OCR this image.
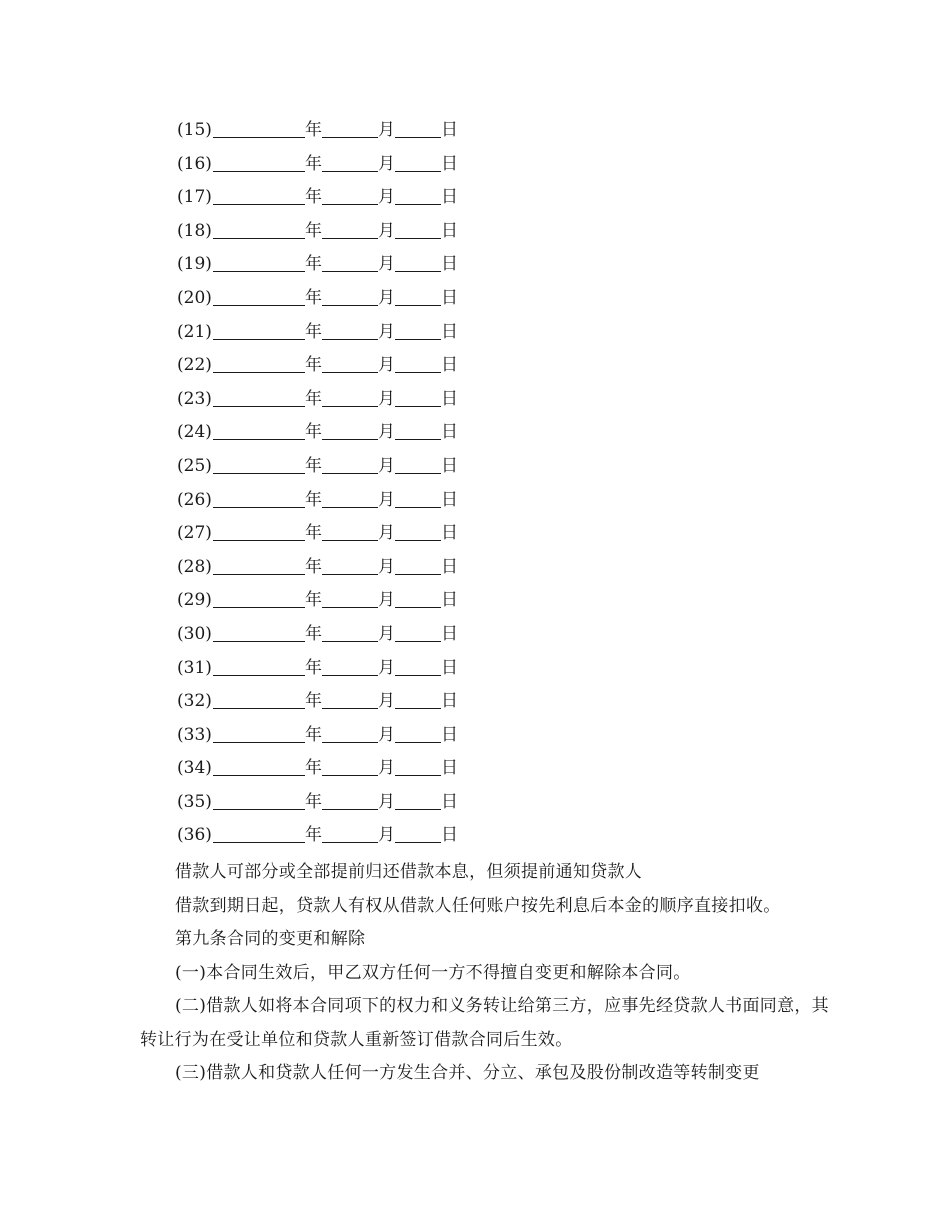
(15)	年	月	日
(16)	年	月	日
(17)	年	月	日
(18)	年	月	日
(19)	年	月	日
(20)	年	月	日
(21)	年	月	日
(22)	年	月	日
(23)	年	月	日
(24)	年	月	日
(25)	年	月	日
(26)	年	月	日
(27)	年	月	日
(28)	年	月	日
(29)	年	月	日
(30)	年	月	日
(31)	年	月	日
(32)	年	月	日
(33)	年	月	日
(34)	年	月	日
(35)	年	月	日
(36)	年	月	日

借款人可部分或全部提前归还借款本息，但须提前通知贷款人

借款到期日起，贷款人有权从借款人任何账户按先利息后本金的顺序直接扣收。

第九条合同的变更和解除

(一)本合同生效后，甲乙双方任何一方不得擅自变更和解除本合同。

(二)借款人如将本合同项下的权力和义务转让给第三方，应事先经贷款人书面同意，其转让行为在受让单位和贷款人重新签订借款合同后生效。

(三)借款人和贷款人任何一方发生合并、分立、承包及股份制改造等转制变更
